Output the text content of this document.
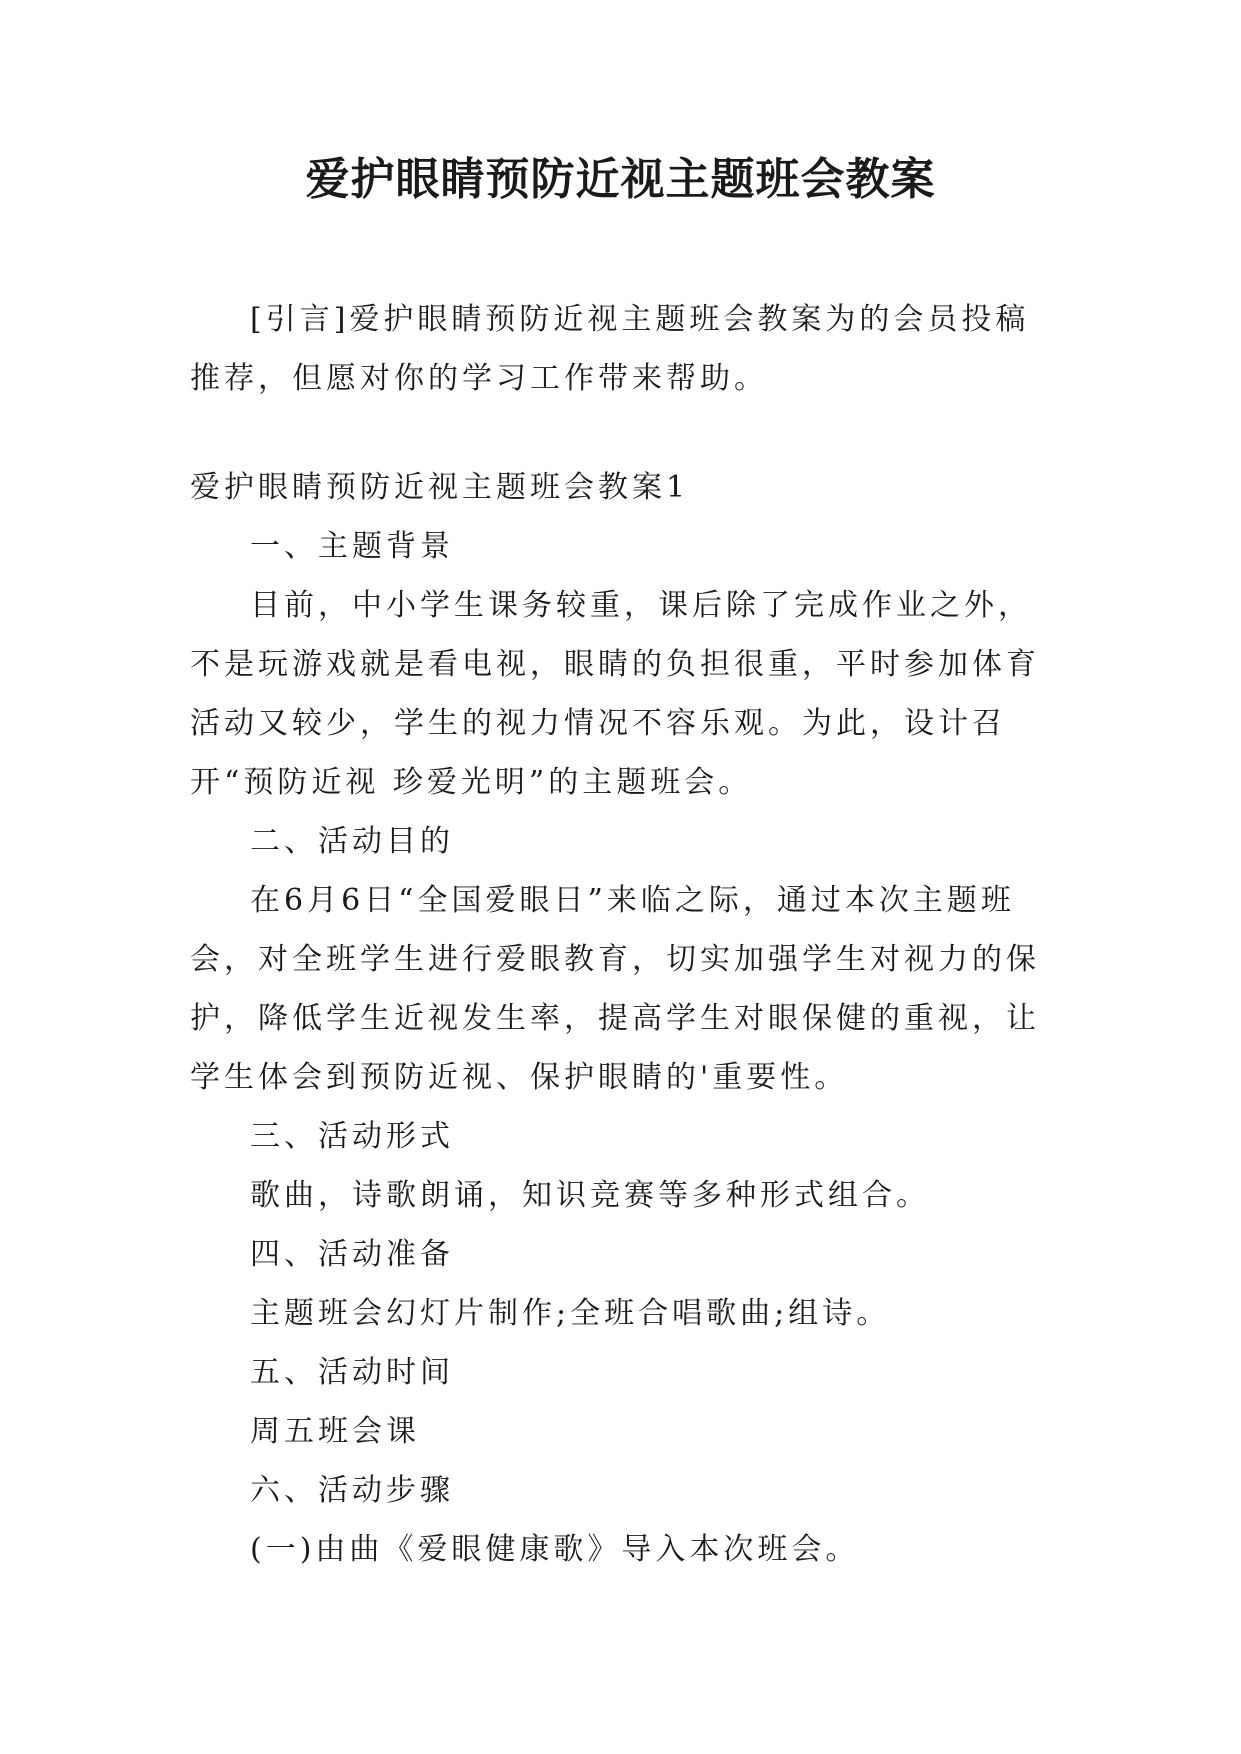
爱护眼睛预防近视主题班会教案

[引言]爱护眼睛预防近视主题班会教案为的会员投稿推荐，但愿对你的学习工作带来帮助。

爱护眼睛预防近视主题班会教案1

一、主题背景

目前，中小学生课务较重，课后除了完成作业之外，不是玩游戏就是看电视，眼睛的负担很重，平时参加体育活动又较少，学生的视力情况不容乐观。为此，设计召开“预防近视 珍爱光明”的主题班会。

二、活动目的

在6月6日“全国爱眼日”来临之际，通过本次主题班会，对全班学生进行爱眼教育，切实加强学生对视力的保护，降低学生近视发生率，提高学生对眼保健的重视，让学生体会到预防近视、保护眼睛的'重要性。

三、活动形式

歌曲，诗歌朗诵，知识竞赛等多种形式组合。

四、活动准备

主题班会幻灯片制作;全班合唱歌曲;组诗。

五、活动时间

周五班会课

六、活动步骤

(一)由曲《爱眼健康歌》导入本次班会。
